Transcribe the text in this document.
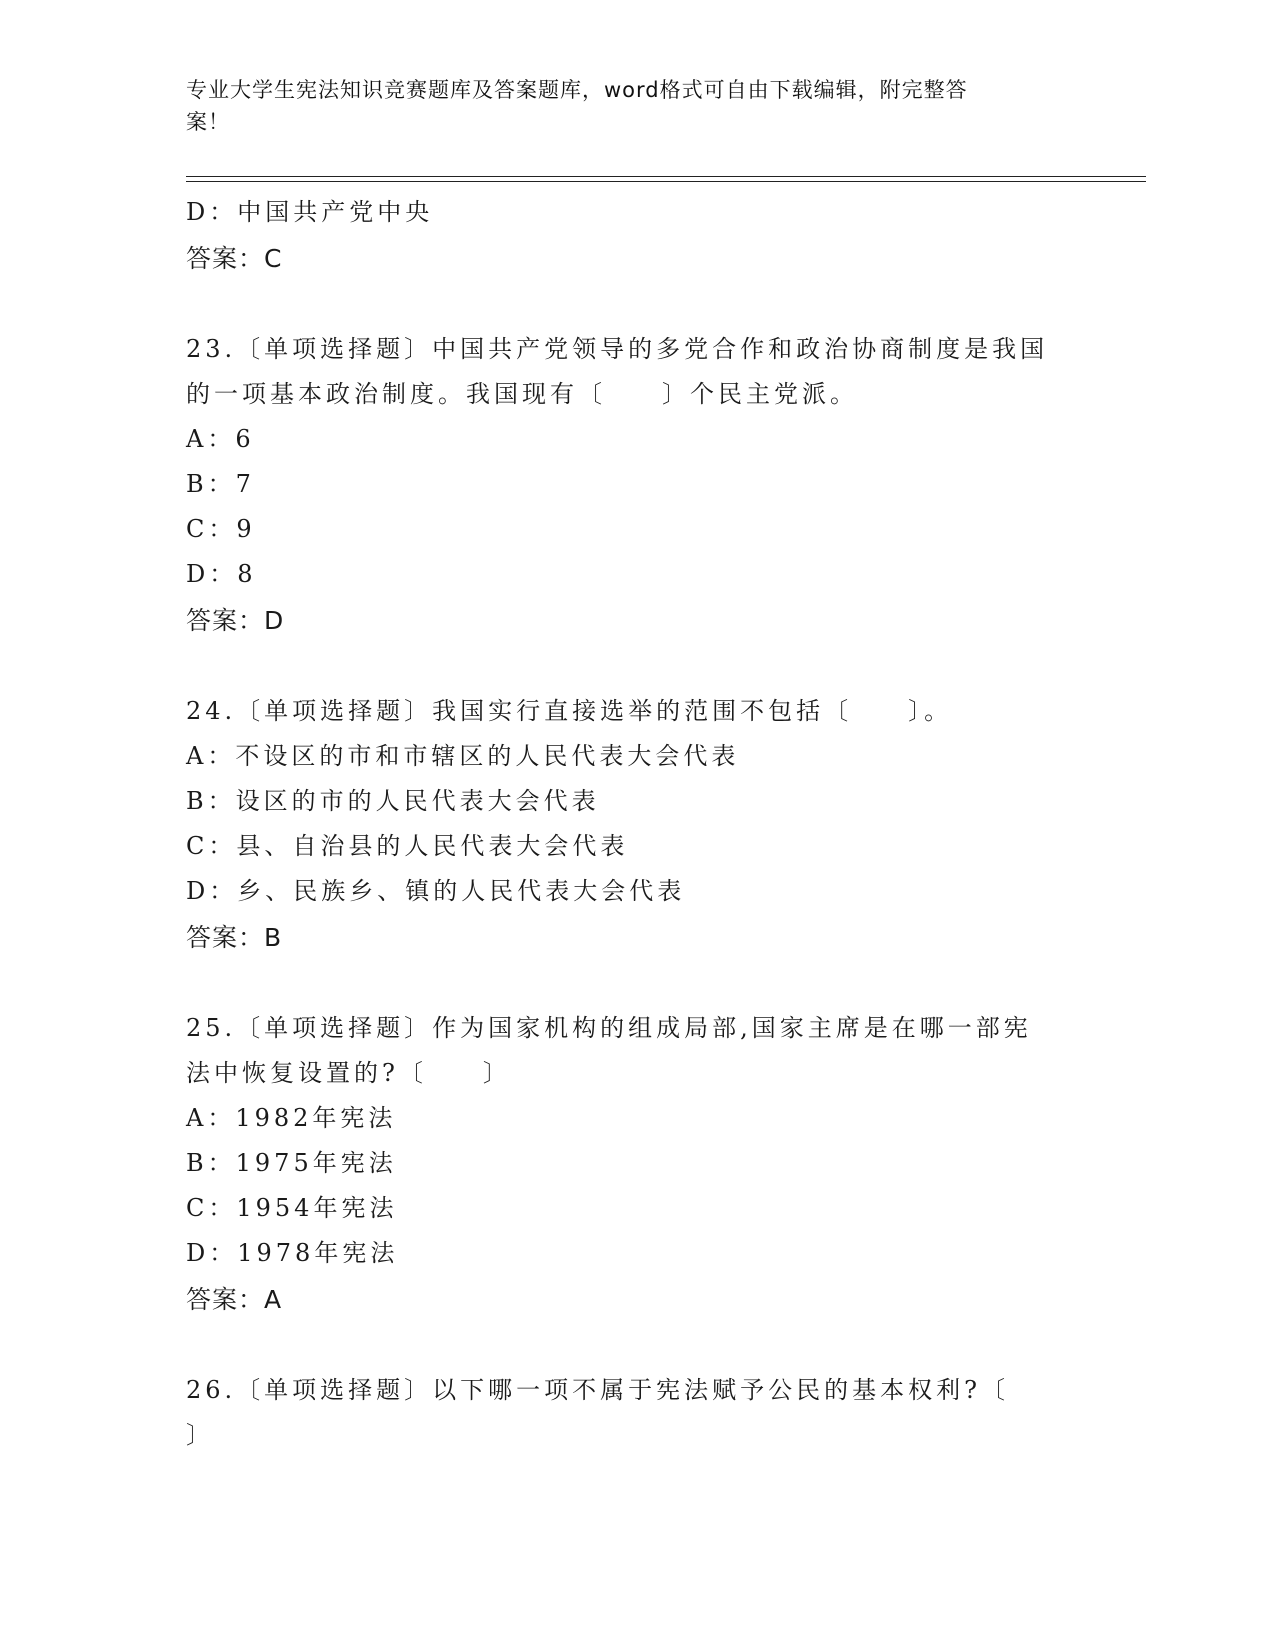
专业大学生宪法知识竞赛题库及答案题库，word格式可自由下载编辑，附完整答
案！
D：中国共产党中央
答案：C
23.〔单项选择题〕中国共产党领导的多党合作和政治协商制度是我国
的一项基本政治制度。我国现有〔　　〕个民主党派。
A：6
B：7
C：9
D：8
答案：D
24.〔单项选择题〕我国实行直接选举的范围不包括〔　　〕。
A：不设区的市和市辖区的人民代表大会代表
B：设区的市的人民代表大会代表
C：县、自治县的人民代表大会代表
D：乡、民族乡、镇的人民代表大会代表
答案：B
25.〔单项选择题〕作为国家机构的组成局部,国家主席是在哪一部宪
法中恢复设置的?〔　　〕
A：1982年宪法
B：1975年宪法
C：1954年宪法
D：1978年宪法
答案：A
26.〔单项选择题〕以下哪一项不属于宪法赋予公民的基本权利?〔
〕
